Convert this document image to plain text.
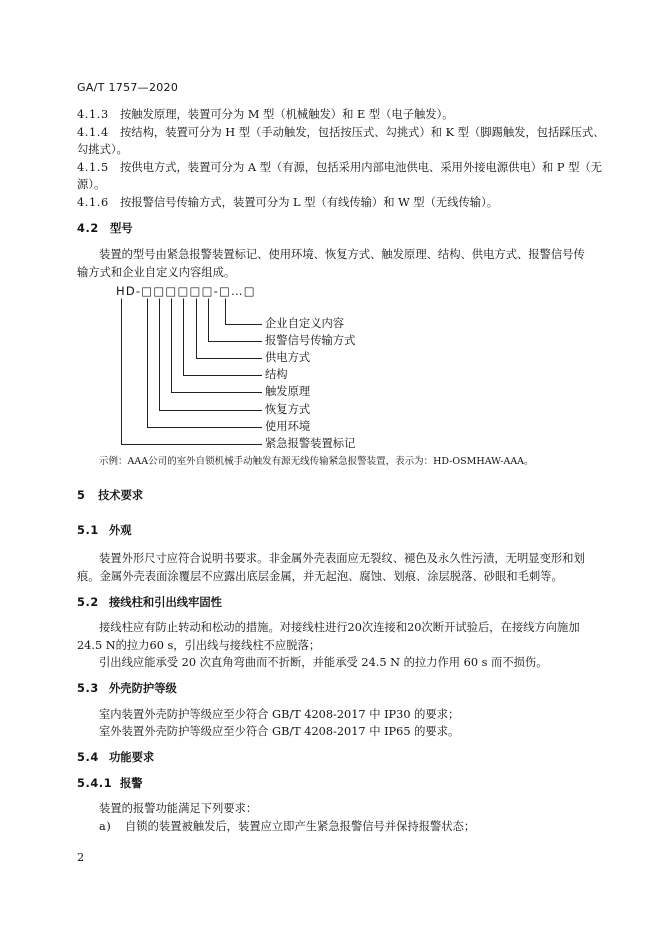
GA/T 1757—2020
4.1.3 按触发原理，装置可分为 M 型（机械触发）和 E 型（电子触发）。
4.1.4 按结构，装置可分为 H 型（手动触发，包括按压式、勾挑式）和 K 型（脚踢触发，包括踩压式、
勾挑式）。
4.1.5 按供电方式，装置可分为 A 型（有源，包括采用内部电池供电、采用外接电源供电）和 P 型（无
源）。
4.1.6 按报警信号传输方式，装置可分为 L 型（有线传输）和 W 型（无线传输）。
4.2 型号
装置的型号由紧急报警装置标记、使用环境、恢复方式、触发原理、结构、供电方式、报警信号传
输方式和企业自定义内容组成。
HD-□□□□□□-□…□
企业自定义内容
报警信号传输方式
供电方式
结构
触发原理
恢复方式
使用环境
紧急报警装置标记
示例：AAA公司的室外自锁机械手动触发有源无线传输紧急报警装置，表示为：HD-OSMHAW-AAA。
5 技术要求
5.1 外观
装置外形尺寸应符合说明书要求。非金属外壳表面应无裂纹、褪色及永久性污渍，无明显变形和划
痕。金属外壳表面涂覆层不应露出底层金属，并无起泡、腐蚀、划痕、涂层脱落、砂眼和毛刺等。
5.2 接线柱和引出线牢固性
接线柱应有防止转动和松动的措施。对接线柱进行20次连接和20次断开试验后，在接线方向施加
24.5 N的拉力60 s，引出线与接线柱不应脱落；
引出线应能承受 20 次直角弯曲而不折断，并能承受 24.5 N 的拉力作用 60 s 而不损伤。
5.3 外壳防护等级
室内装置外壳防护等级应至少符合 GB/T 4208-2017 中 IP30 的要求；
室外装置外壳防护等级应至少符合 GB/T 4208-2017 中 IP65 的要求。
5.4 功能要求
5.4.1 报警
装置的报警功能满足下列要求：
a) 自锁的装置被触发后，装置应立即产生紧急报警信号并保持报警状态；
2
